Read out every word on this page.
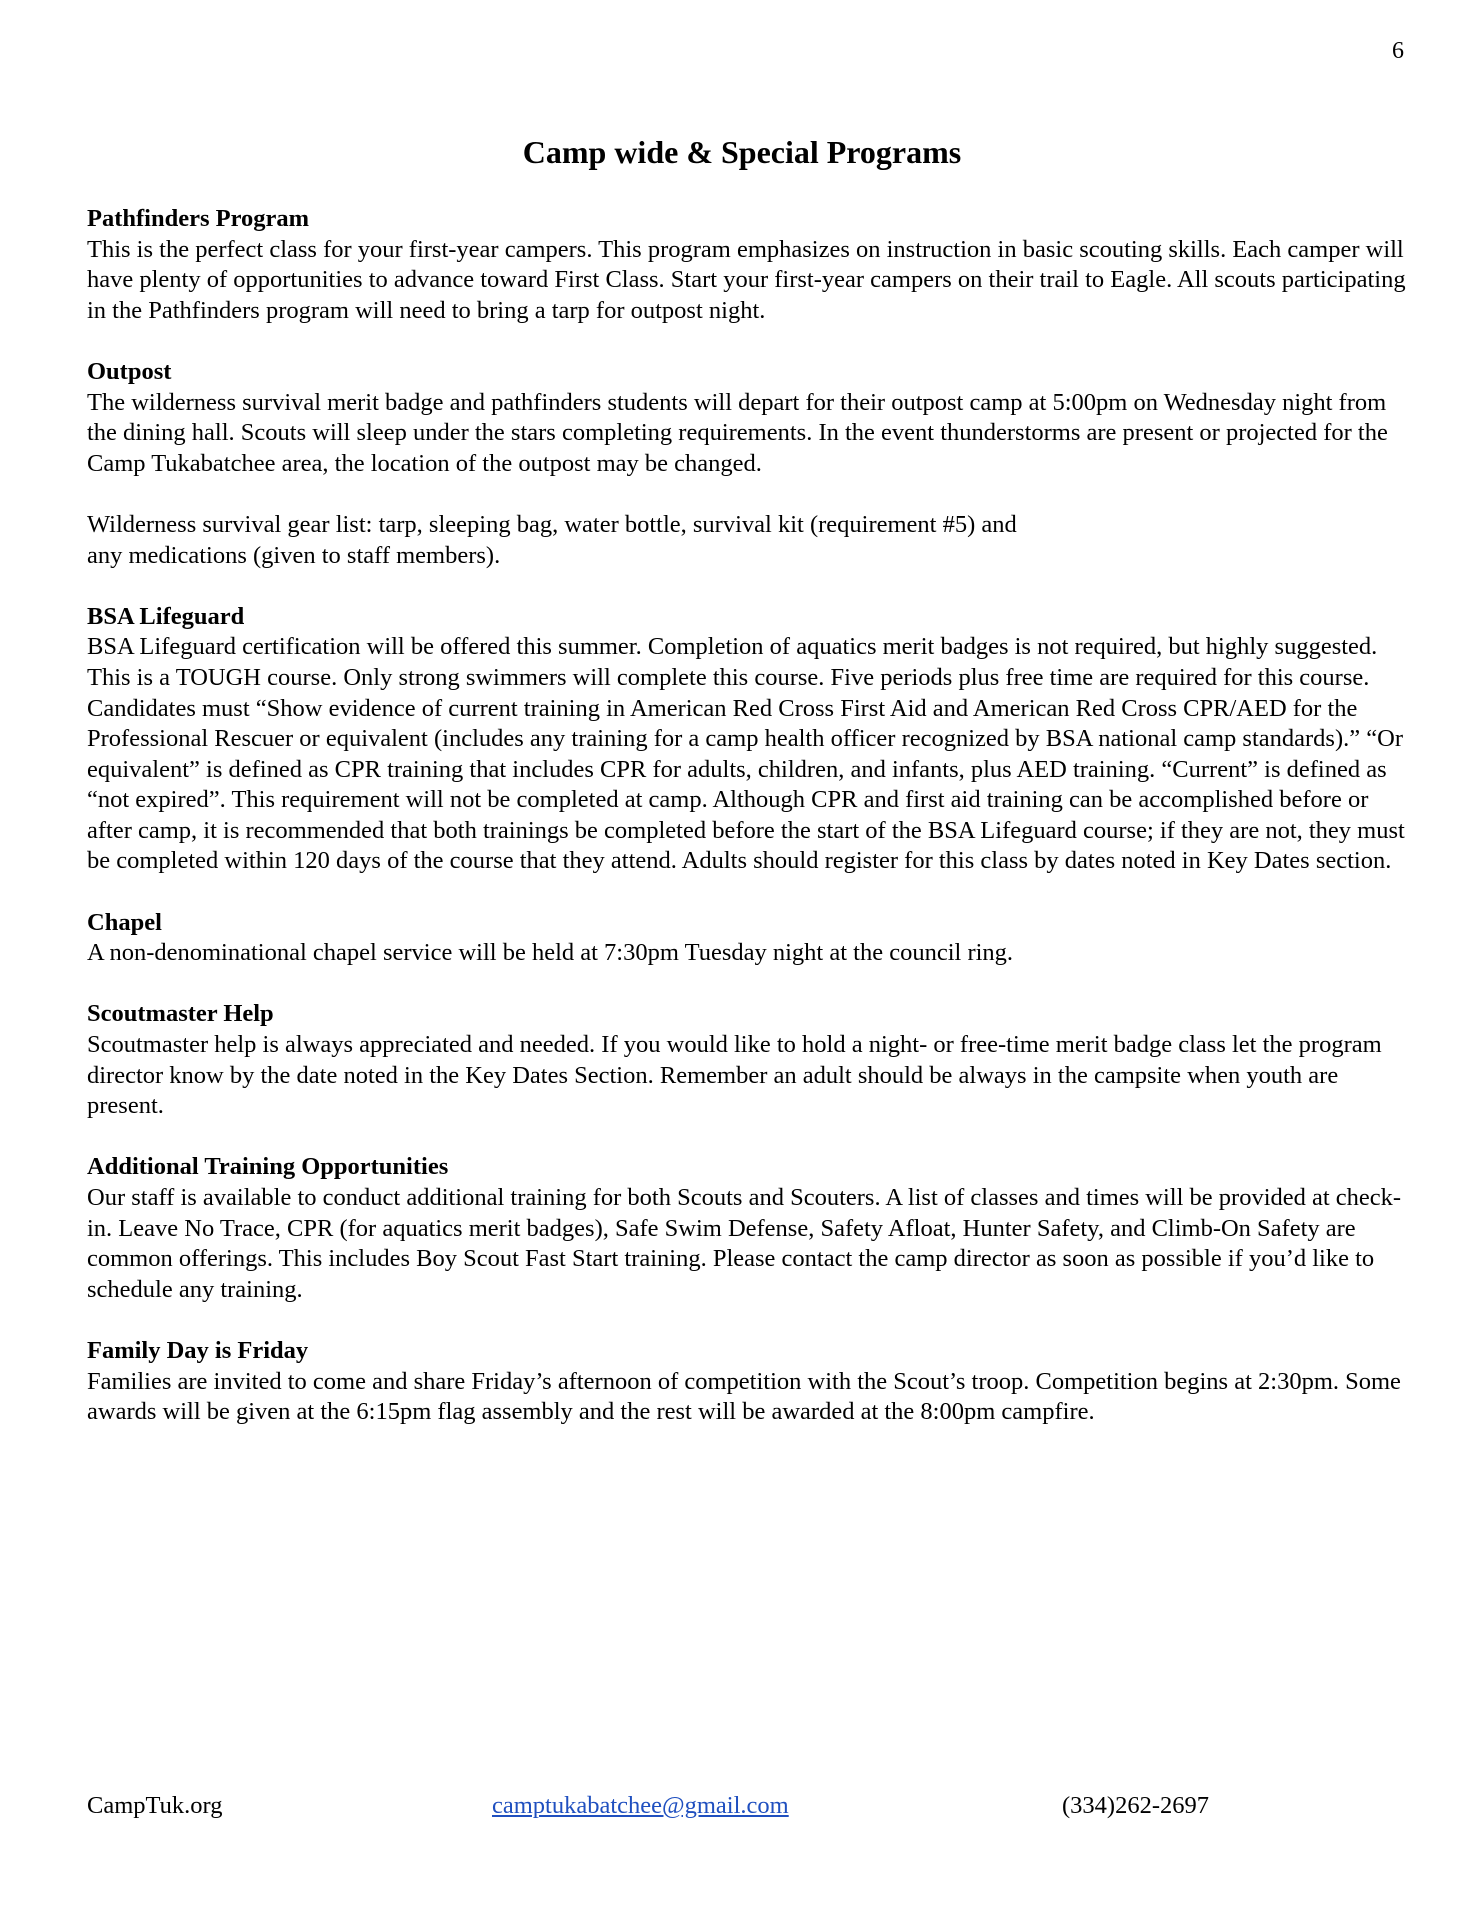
6
Camp wide & Special Programs

Pathfinders Program

This is the perfect class for your first-year campers. This program emphasizes on instruction in basic scouting skills. Each camper will have plenty of opportunities to advance toward First Class. Start your first-year campers on their trail to Eagle. All scouts participating in the Pathfinders program will need to bring a tarp for outpost night.

Outpost

The wilderness survival merit badge and pathfinders students will depart for their outpost camp at 5:00pm on Wednesday night from the dining hall. Scouts will sleep under the stars completing requirements. In the event thunderstorms are present or projected for the Camp Tukabatchee area, the location of the outpost may be changed.

Wilderness survival gear list: tarp, sleeping bag, water bottle, survival kit (requirement #5) and
any medications (given to staff members).

BSA Lifeguard

BSA Lifeguard certification will be offered this summer. Completion of aquatics merit badges is not required, but highly suggested. This is a TOUGH course. Only strong swimmers will complete this course. Five periods plus free time are required for this course. Candidates must “Show evidence of current training in American Red Cross First Aid and American Red Cross CPR/AED for the Professional Rescuer or equivalent (includes any training for a camp health officer recognized by BSA national camp standards).” “Or equivalent” is defined as CPR training that includes CPR for adults, children, and infants, plus AED training. “Current” is defined as “not expired”. This requirement will not be completed at camp. Although CPR and first aid training can be accomplished before or after camp, it is recommended that both trainings be completed before the start of the BSA Lifeguard course; if they are not, they must be completed within 120 days of the course that they attend. Adults should register for this class by dates noted in Key Dates section.

Chapel

A non-denominational chapel service will be held at 7:30pm Tuesday night at the council ring.

Scoutmaster Help

Scoutmaster help is always appreciated and needed. If you would like to hold a night- or free-time merit badge class let the program director know by the date noted in the Key Dates Section. Remember an adult should be always in the campsite when youth are present.

Additional Training Opportunities

Our staff is available to conduct additional training for both Scouts and Scouters. A list of classes and times will be provided at check-in. Leave No Trace, CPR (for aquatics merit badges), Safe Swim Defense, Safety Afloat, Hunter Safety, and Climb-On Safety are common offerings. This includes Boy Scout Fast Start training. Please contact the camp director as soon as possible if you’d like to schedule any training.

Family Day is Friday

Families are invited to come and share Friday’s afternoon of competition with the Scout’s troop. Competition begins at 2:30pm. Some awards will be given at the 6:15pm flag assembly and the rest will be awarded at the 8:00pm campfire.

CampTuk.org	camptukabatchee@gmail.com	(334)262-2697
